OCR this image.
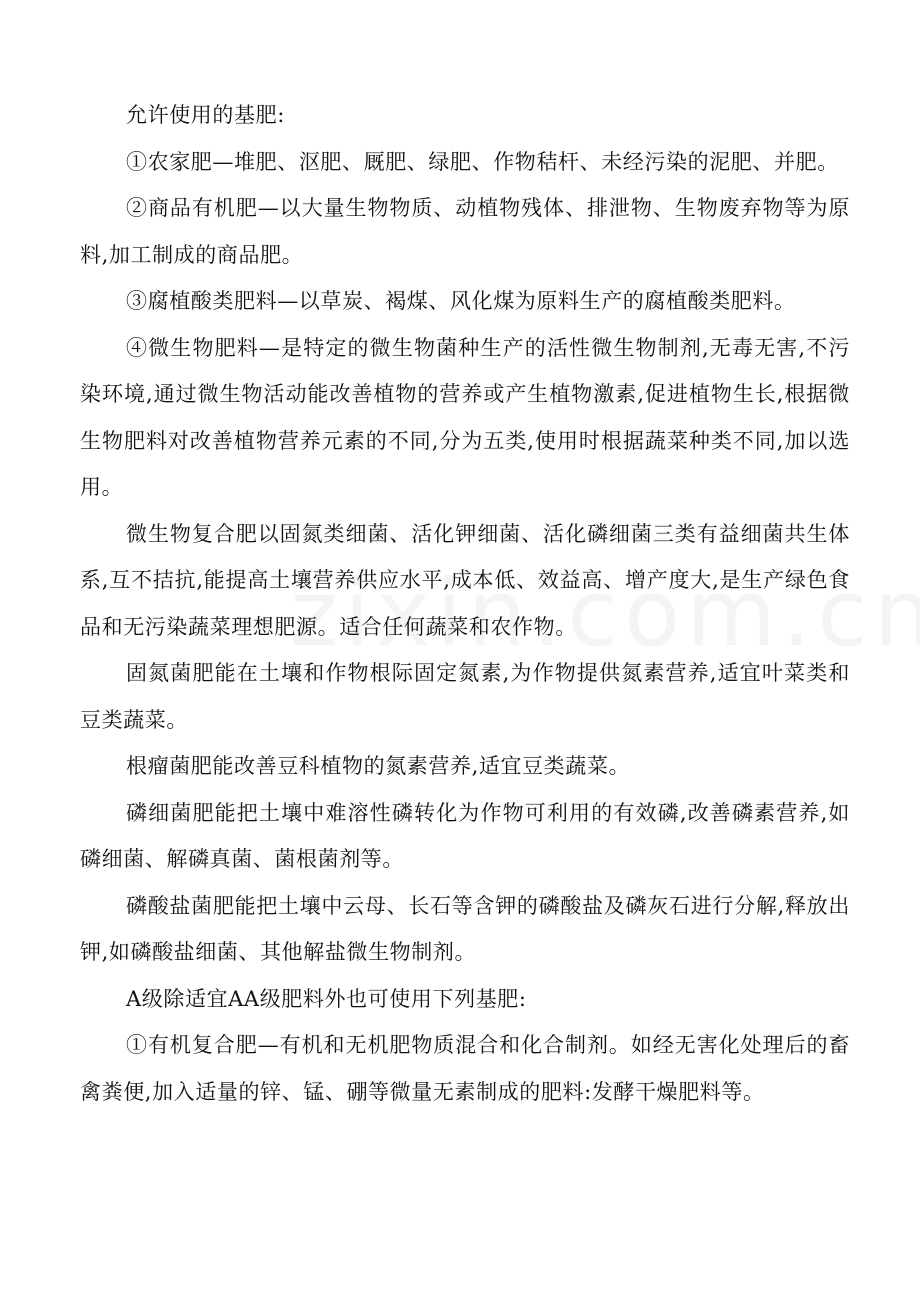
允许使用的基肥:

①农家肥—堆肥、沤肥、厩肥、绿肥、作物秸杆、未经污染的泥肥、并肥。

②商品有机肥—以大量生物物质、动植物残体、排泄物、生物废弃物等为原料,加工制成的商品肥。

③腐植酸类肥料—以草炭、褐煤、风化煤为原料生产的腐植酸类肥料。

④微生物肥料—是特定的微生物菌种生产的活性微生物制剂,无毒无害,不污染环境,通过微生物活动能改善植物的营养或产生植物激素,促进植物生长,根据微生物肥料对改善植物营养元素的不同,分为五类,使用时根据蔬菜种类不同,加以选用。

微生物复合肥以固氮类细菌、活化钾细菌、活化磷细菌三类有益细菌共生体系,互不拮抗,能提高土壤营养供应水平,成本低、效益高、增产度大,是生产绿色食品和无污染蔬菜理想肥源。适合任何蔬菜和农作物。

固氮菌肥能在土壤和作物根际固定氮素,为作物提供氮素营养,适宜叶菜类和豆类蔬菜。

根瘤菌肥能改善豆科植物的氮素营养,适宜豆类蔬菜。

磷细菌肥能把土壤中难溶性磷转化为作物可利用的有效磷,改善磷素营养,如磷细菌、解磷真菌、菌根菌剂等。

磷酸盐菌肥能把土壤中云母、长石等含钾的磷酸盐及磷灰石进行分解,释放出钾,如磷酸盐细菌、其他解盐微生物制剂。

A级除适宜AA级肥料外也可使用下列基肥:

①有机复合肥—有机和无机肥物质混合和化合制剂。如经无害化处理后的畜禽粪便,加入适量的锌、锰、硼等微量无素制成的肥料:发酵干燥肥料等。
